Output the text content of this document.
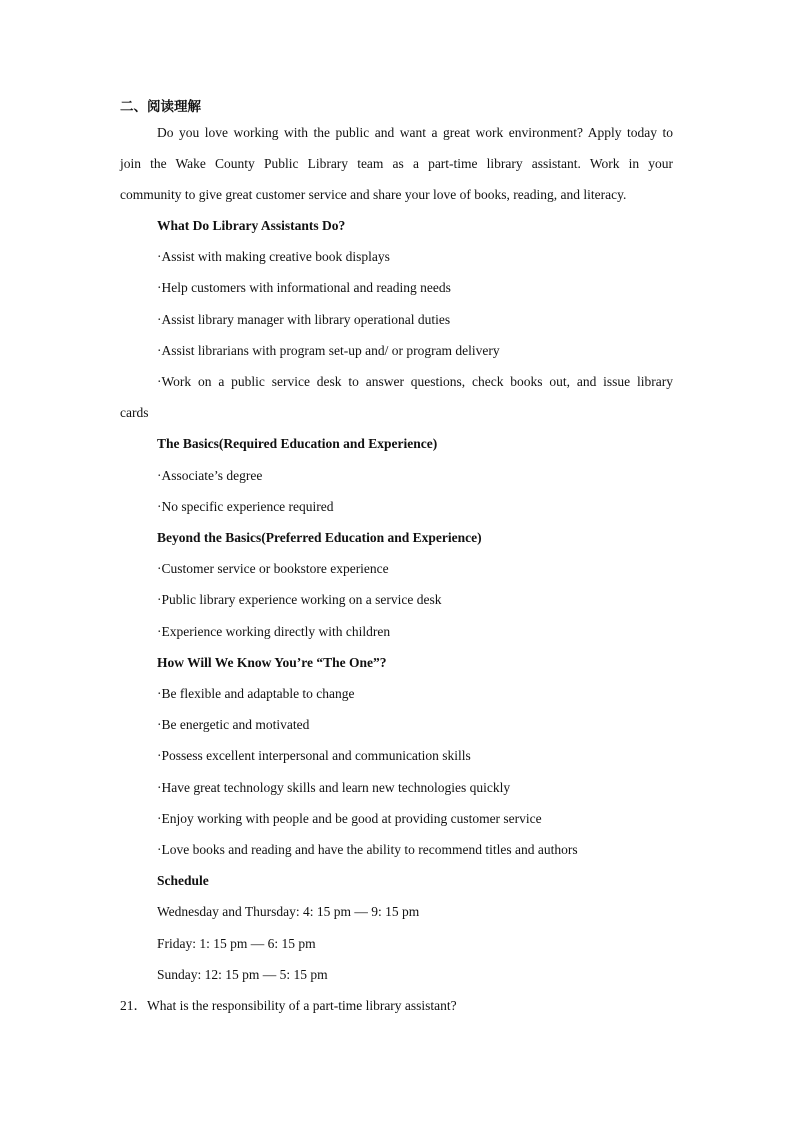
二、阅读理解
Do you love working with the public and want a great work environment? Apply today to
join the Wake County Public Library team as a part-time library assistant. Work in your
community to give great customer service and share your love of books, reading, and literacy.
What Do Library Assistants Do?
·Assist with making creative book displays
·Help customers with informational and reading needs
·Assist library manager with library operational duties
·Assist librarians with program set-up and/ or program delivery
·Work on a public service desk to answer questions, check books out, and issue library
cards
The Basics(Required Education and Experience)
·Associate’s degree
·No specific experience required
Beyond the Basics(Preferred Education and Experience)
·Customer service or bookstore experience
·Public library experience working on a service desk
·Experience working directly with children
How Will We Know You’re “The One”?
·Be flexible and adaptable to change
·Be energetic and motivated
·Possess excellent interpersonal and communication skills
·Have great technology skills and learn new technologies quickly
·Enjoy working with people and be good at providing customer service
·Love books and reading and have the ability to recommend titles and authors
Schedule
Wednesday and Thursday: 4: 15 pm — 9: 15 pm
Friday: 1: 15 pm — 6: 15 pm
Sunday: 12: 15 pm — 5: 15 pm
21．What is the responsibility of a part-time library assistant?
